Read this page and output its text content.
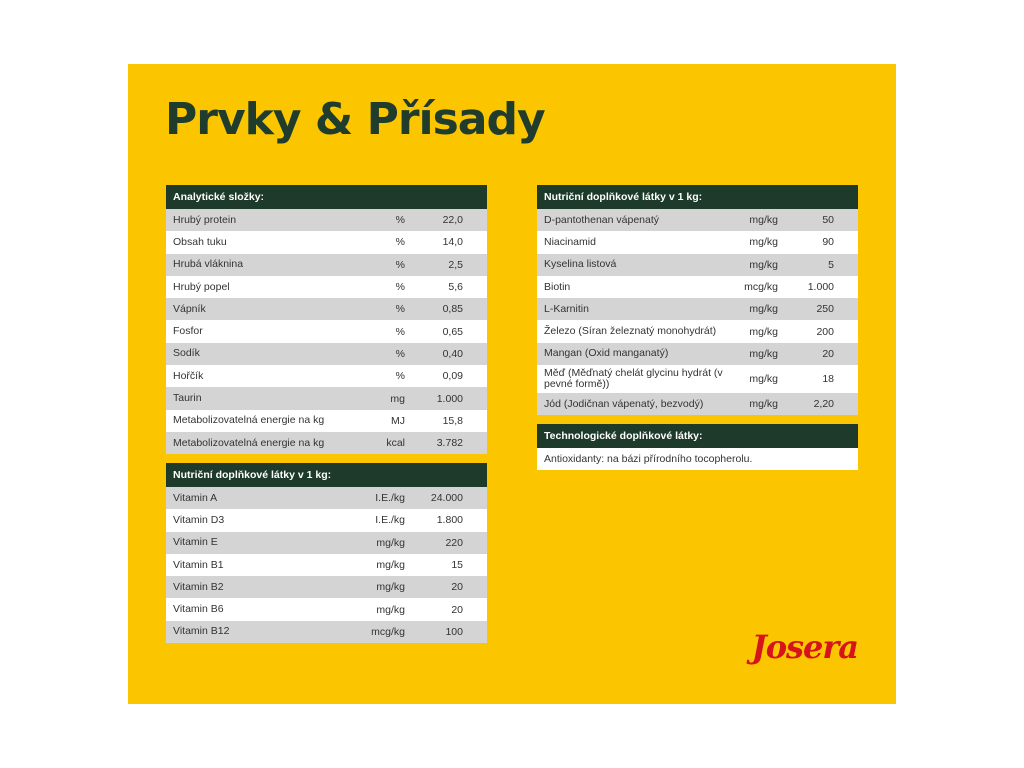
Prvky & Přísady
Analytické složky:
Hrubý protein	%	22,0
Obsah tuku	%	14,0
Hrubá vláknina	%	2,5
Hrubý popel	%	5,6
Vápník	%	0,85
Fosfor	%	0,65
Sodík	%	0,40
Hořčík	%	0,09
Taurin	mg	1.000
Metabolizovatelná energie na kg	MJ	15,8
Metabolizovatelná energie na kg	kcal	3.782
Nutriční doplňkové látky v 1 kg:
Vitamin A	I.E./kg 24.000
Vitamin D3	I.E./kg	1.800
Vitamin E	mg/kg	220
Vitamin B1	mg/kg	15
Vitamin B2	mg/kg	20
Vitamin B6	mg/kg	20
Vitamin B12	mcg/kg	100
Nutriční doplňkové látky v 1 kg:
D-pantothenan vápenatý	mg/kg	50
Niacinamid	mg/kg	90
Kyselina listová	mg/kg	5
Biotin	mcg/kg	1.000
L-Karnitin	mg/kg	250
Železo (Síran železnatý monohydrát)	mg/kg	200
Mangan (Oxid manganatý)	mg/kg	20
Měď (Měďnatý chelát glycinu hydrát (v pevné formě))	mg/kg	18
Jód (Jodičnan vápenatý, bezvodý)	mg/kg	2,20
Technologické doplňkové látky:
Antioxidanty: na bázi přírodního tocopherolu.
Josera
